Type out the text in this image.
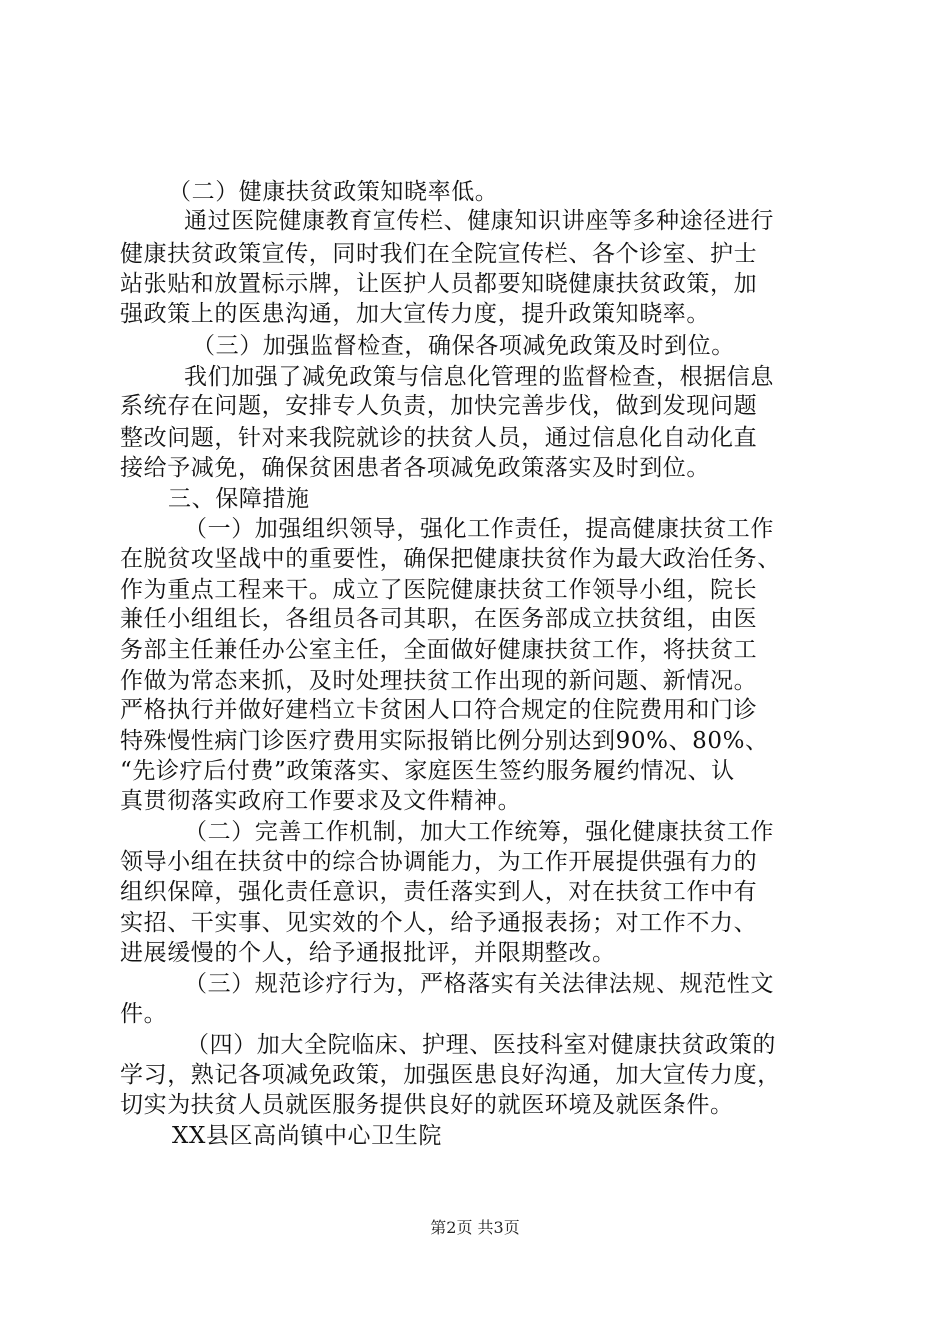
（二）健康扶贫政策知晓率低。
通过医院健康教育宣传栏、健康知识讲座等多种途径进行
健康扶贫政策宣传，同时我们在全院宣传栏、各个诊室、护士
站张贴和放置标示牌，让医护人员都要知晓健康扶贫政策，加
强政策上的医患沟通，加大宣传力度，提升政策知晓率。
（三）加强监督检查，确保各项减免政策及时到位。
我们加强了减免政策与信息化管理的监督检查，根据信息
系统存在问题，安排专人负责，加快完善步伐，做到发现问题
整改问题，针对来我院就诊的扶贫人员，通过信息化自动化直
接给予减免，确保贫困患者各项减免政策落实及时到位。
三、保障措施
（一）加强组织领导，强化工作责任，提高健康扶贫工作
在脱贫攻坚战中的重要性，确保把健康扶贫作为最大政治任务、
作为重点工程来干。成立了医院健康扶贫工作领导小组，院长
兼任小组组长，各组员各司其职，在医务部成立扶贫组，由医
务部主任兼任办公室主任，全面做好健康扶贫工作，将扶贫工
作做为常态来抓，及时处理扶贫工作出现的新问题、新情况。
严格执行并做好建档立卡贫困人口符合规定的住院费用和门诊
特殊慢性病门诊医疗费用实际报销比例分别达到90%、80%、
“先诊疗后付费”政策落实、家庭医生签约服务履约情况、认
真贯彻落实政府工作要求及文件精神。
（二）完善工作机制，加大工作统筹，强化健康扶贫工作
领导小组在扶贫中的综合协调能力，为工作开展提供强有力的
组织保障，强化责任意识，责任落实到人，对在扶贫工作中有
实招、干实事、见实效的个人，给予通报表扬；对工作不力、
进展缓慢的个人，给予通报批评，并限期整改。
（三）规范诊疗行为，严格落实有关法律法规、规范性文
件。
（四）加大全院临床、护理、医技科室对健康扶贫政策的
学习，熟记各项减免政策，加强医患良好沟通，加大宣传力度，
切实为扶贫人员就医服务提供良好的就医环境及就医条件。
XX县区高尚镇中心卫生院
第2页 共3页
